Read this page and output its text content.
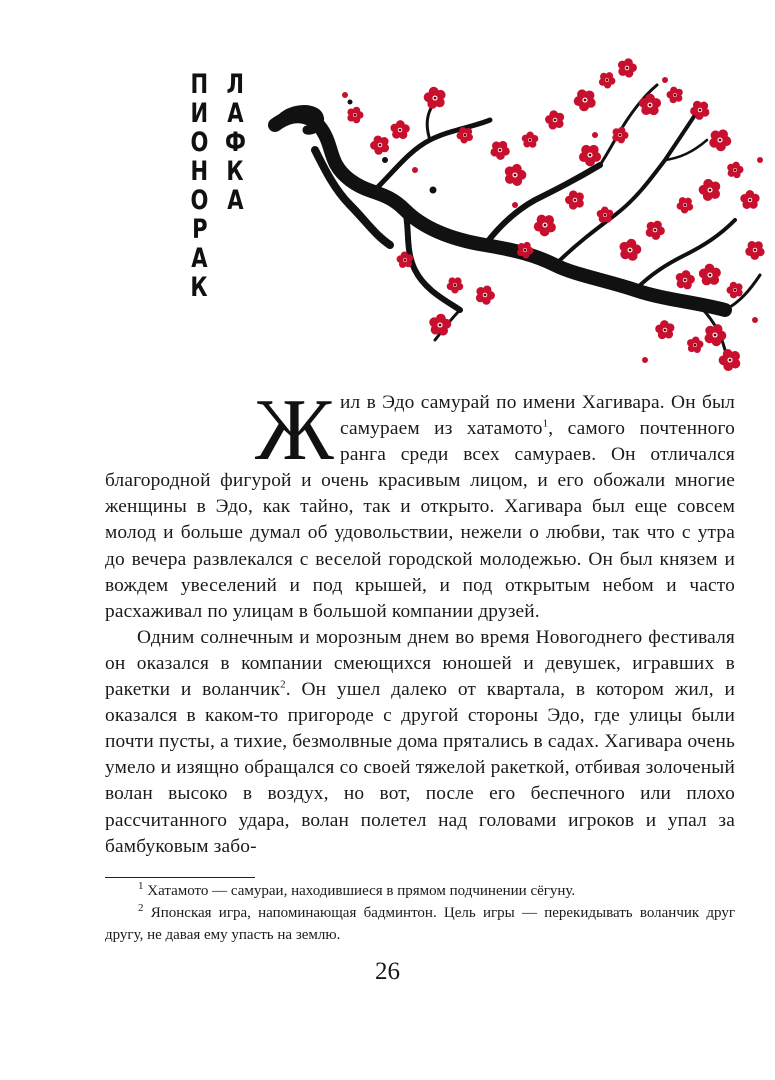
Л
А
Ф
К
А
П
И
О
Н
О
Р
А
К

Жил в Эдо самурай по имени Хагивара. Он был самураем из хатамото$^1$, самого почтенного ранга среди всех самураев. Он отличался благородной фигурой и очень красивым лицом, и его обожали многие женщины в Эдо, как тайно, так и открыто. Хагивара был еще совсем молод и больше думал об удовольствии, нежели о любви, так что с утра до вечера развлекался с веселой городской молодежью. Он был князем и вождем увеселений и под крышей, и под открытым небом и часто расхаживал по улицам в большой компании друзей.

Одним солнечным и морозным днем во время Новогоднего фестиваля он оказался в компании смеющихся юношей и девушек, игравших в ракетки и воланчик$^2$. Он ушел далеко от квартала, в котором жил, и оказался в каком-то пригороде с другой стороны Эдо, где улицы были почти пусты, а тихие, безмолвные дома прятались в садах. Хагивара очень умело и изящно обращался со своей тяжелой ракеткой, отбивая золоченый волан высоко в воздух, но вот, после его беспечного или плохо рассчитанного удара, волан полетел над головами игроков и упал за бамбуковым забо-

$^1$ Хатамото — самураи, находившиеся в прямом подчинении сёгуну.

$^2$ Японская игра, напоминающая бадминтон. Цель игры — перекидывать воланчик друг другу, не давая ему упасть на землю.

26
